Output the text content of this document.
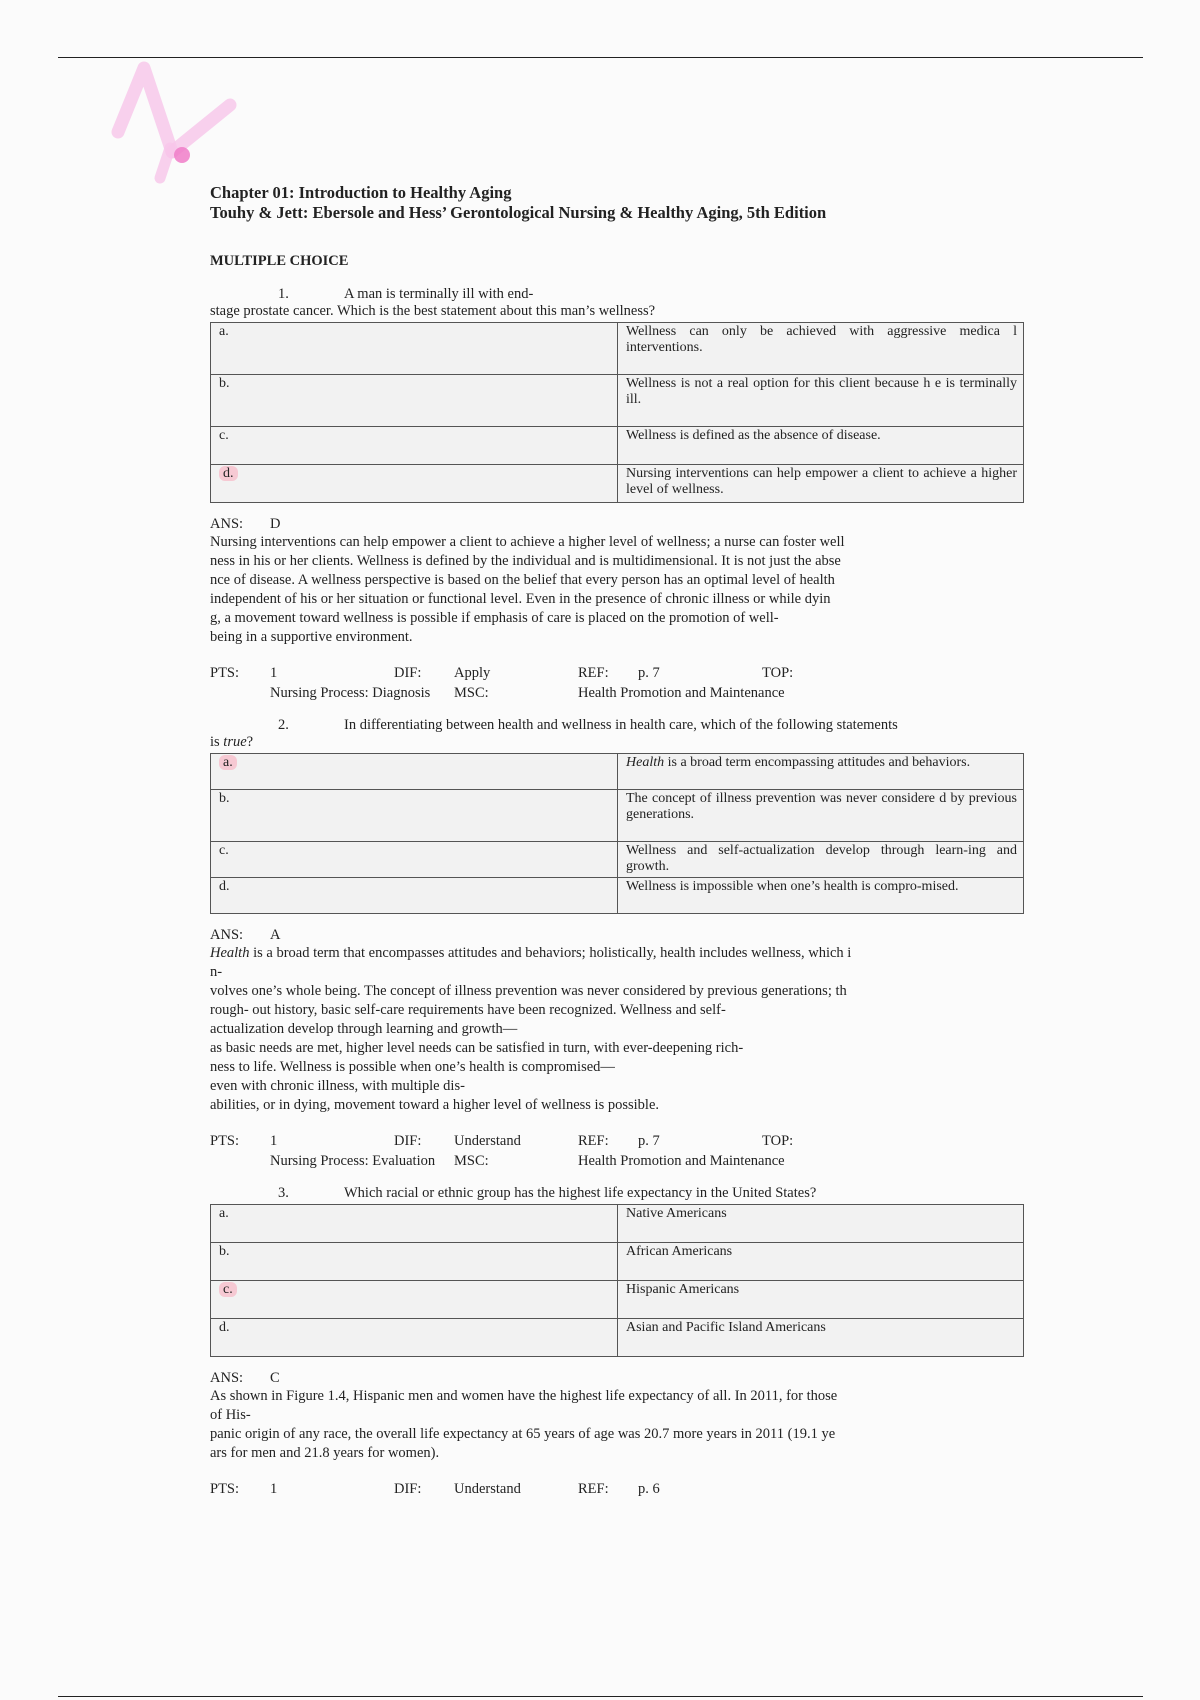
Chapter 01: Introduction to Healthy Aging
Touhy & Jett: Ebersole and Hess’ Gerontological Nursing & Healthy Aging, 5th Edition
MULTIPLE CHOICE
1.	A man is terminally ill with end-
stage prostate cancer. Which is the best statement about this man’s wellness?
a.	Wellness can only be achieved with aggressive medica l interventions.
b.	Wellness is not a real option for this client because h e is terminally ill.
c.	Wellness is defined as the absence of disease.
d.	Nursing interventions can help empower a client to achieve a higher level of wellness.
ANS: D
Nursing interventions can help empower a client to achieve a higher level of wellness; a nurse can foster well
ness in his or her clients. Wellness is defined by the individual and is multidimensional. It is not just the abse
nce of disease. A wellness perspective is based on the belief that every person has an optimal level of health
independent of his or her situation or functional level. Even in the presence of chronic illness or while dyin
g, a movement toward wellness is possible if emphasis of care is placed on the promotion of well-
being in a supportive environment.
PTS: 1	DIF: Apply	REF: p. 7	TOP:
Nursing Process: Diagnosis MSC:	Health Promotion and Maintenance
2.	In differentiating between health and wellness in health care, which of the following statements
is true?
a.	Health is a broad term encompassing attitudes and behaviors.
b.	The concept of illness prevention was never considere d by previous generations.
c.	Wellness and self-actualization develop through learn-ing and growth.
d.	Wellness is impossible when one’s health is compro-mised.
ANS: A
Health is a broad term that encompasses attitudes and behaviors; holistically, health includes wellness, which i
n-
volves one’s whole being. The concept of illness prevention was never considered by previous generations; th
rough- out history, basic self-care requirements have been recognized. Wellness and self-
actualization develop through learning and growth—
as basic needs are met, higher level needs can be satisfied in turn, with ever-deepening rich-
ness to life. Wellness is possible when one’s health is compromised—
even with chronic illness, with multiple dis-
abilities, or in dying, movement toward a higher level of wellness is possible.
PTS: 1	DIF: Understand	REF: p. 7	TOP:
Nursing Process: Evaluation MSC:	Health Promotion and Maintenance
3.	Which racial or ethnic group has the highest life expectancy in the United States?
a.	Native Americans
b.	African Americans
c.	Hispanic Americans
d.	Asian and Pacific Island Americans
ANS: C
As shown in Figure 1.4, Hispanic men and women have the highest life expectancy of all. In 2011, for those
of His-
panic origin of any race, the overall life expectancy at 65 years of age was 20.7 more years in 2011 (19.1 ye
ars for men and 21.8 years for women).
PTS: 1	DIF: Understand	REF: p. 6
